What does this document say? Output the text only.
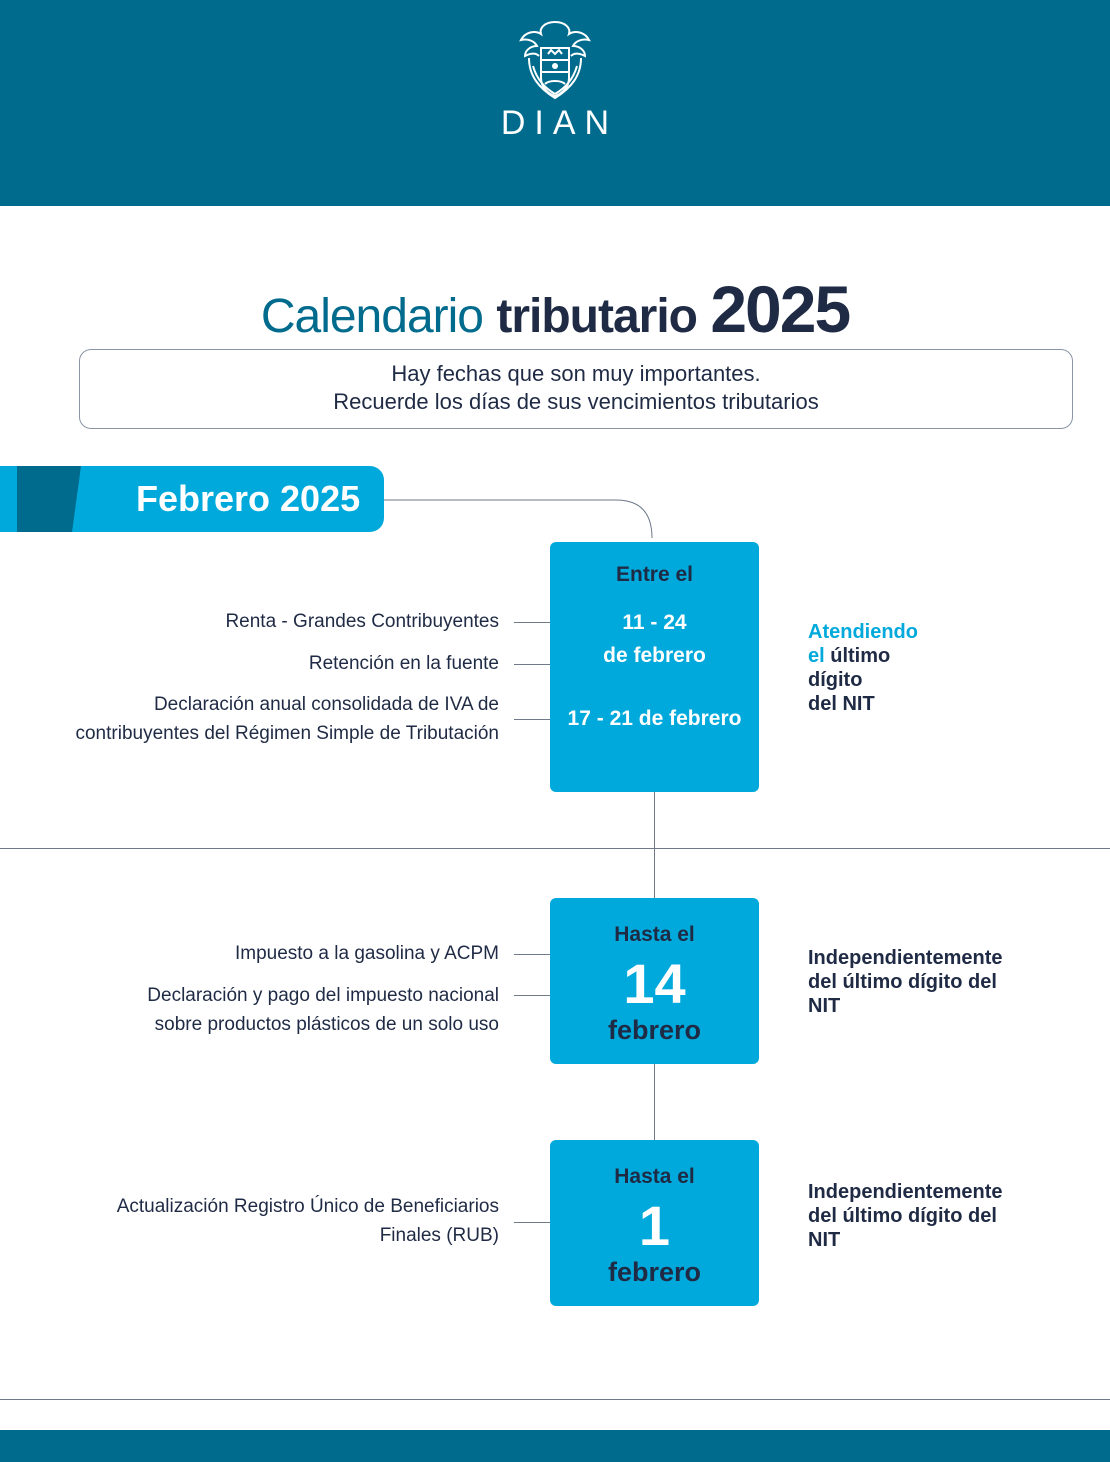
DIAN
Calendario tributario 2025
Hay fechas que son muy importantes.
Recuerde los días de sus vencimientos tributarios
Febrero 2025
Renta - Grandes Contribuyentes
Retención en la fuente
Declaración anual consolidada de IVA de
contribuyentes del Régimen Simple de Tributación
Entre el
11 - 24
de febrero
17 - 21 de febrero
Atendiendo
el último
dígito
del NIT
Impuesto a la gasolina y ACPM
Declaración y pago del impuesto nacional
sobre productos plásticos de un solo uso
Hasta el
14
febrero
Independientemente
del último dígito del
NIT
Actualización Registro Único de Beneficiarios
Finales (RUB)
Hasta el
1
febrero
Independientemente
del último dígito del
NIT
